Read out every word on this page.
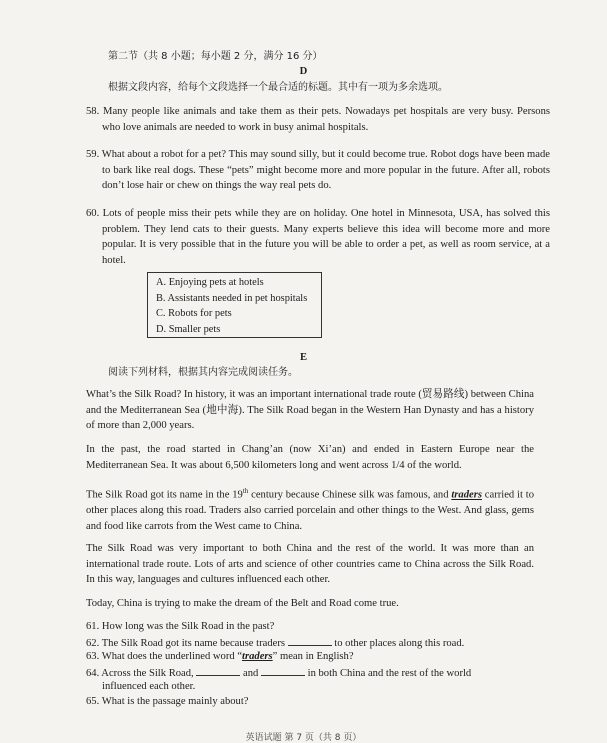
第二节（共 8 小题；每小题 2 分，满分 16 分）
D
根据文段内容，给每个文段选择一个最合适的标题。其中有一项为多余选项。
58. Many people like animals and take them as their pets. Nowadays pet hospitals are very busy. Persons who love animals are needed to work in busy animal hospitals.
59. What about a robot for a pet? This may sound silly, but it could become true. Robot dogs have been made to bark like real dogs. These “pets” might become more and more popular in the future. After all, robots don’t lose hair or chew on things the way real pets do.
60. Lots of people miss their pets while they are on holiday. One hotel in Minnesota, USA, has solved this problem. They lend cats to their guests. Many experts believe this idea will become more and more popular. It is very possible that in the future you will be able to order a pet, as well as room service, at a hotel.
A. Enjoying pets at hotels
B. Assistants needed in pet hospitals
C. Robots for pets
D. Smaller pets
E
阅读下列材料，根据其内容完成阅读任务。
What’s the Silk Road? In history, it was an important international trade route (贸易路线) between China and the Mediterranean Sea (地中海). The Silk Road began in the Western Han Dynasty and has a history of more than 2,000 years.
In the past, the road started in Chang’an (now Xi’an) and ended in Eastern Europe near the Mediterranean Sea. It was about 6,500 kilometers long and went across 1/4 of the world.
The Silk Road got its name in the 19th century because Chinese silk was famous, and traders carried it to other places along this road. Traders also carried porcelain and other things to the West. And glass, gems and food like carrots from the West came to China.
The Silk Road was very important to both China and the rest of the world. It was more than an international trade route. Lots of arts and science of other countries came to China across the Silk Road. In this way, languages and cultures influenced each other.
Today, China is trying to make the dream of the Belt and Road come true.
61. How long was the Silk Road in the past?
62. The Silk Road got its name because traders	to other places along this road.
63. What does the underlined word “traders” mean in English?
64. Across the Silk Road,	and	in both China and the rest of the world
influenced each other.
65. What is the passage mainly about?
英语试题 第 7 页（共 8 页）
